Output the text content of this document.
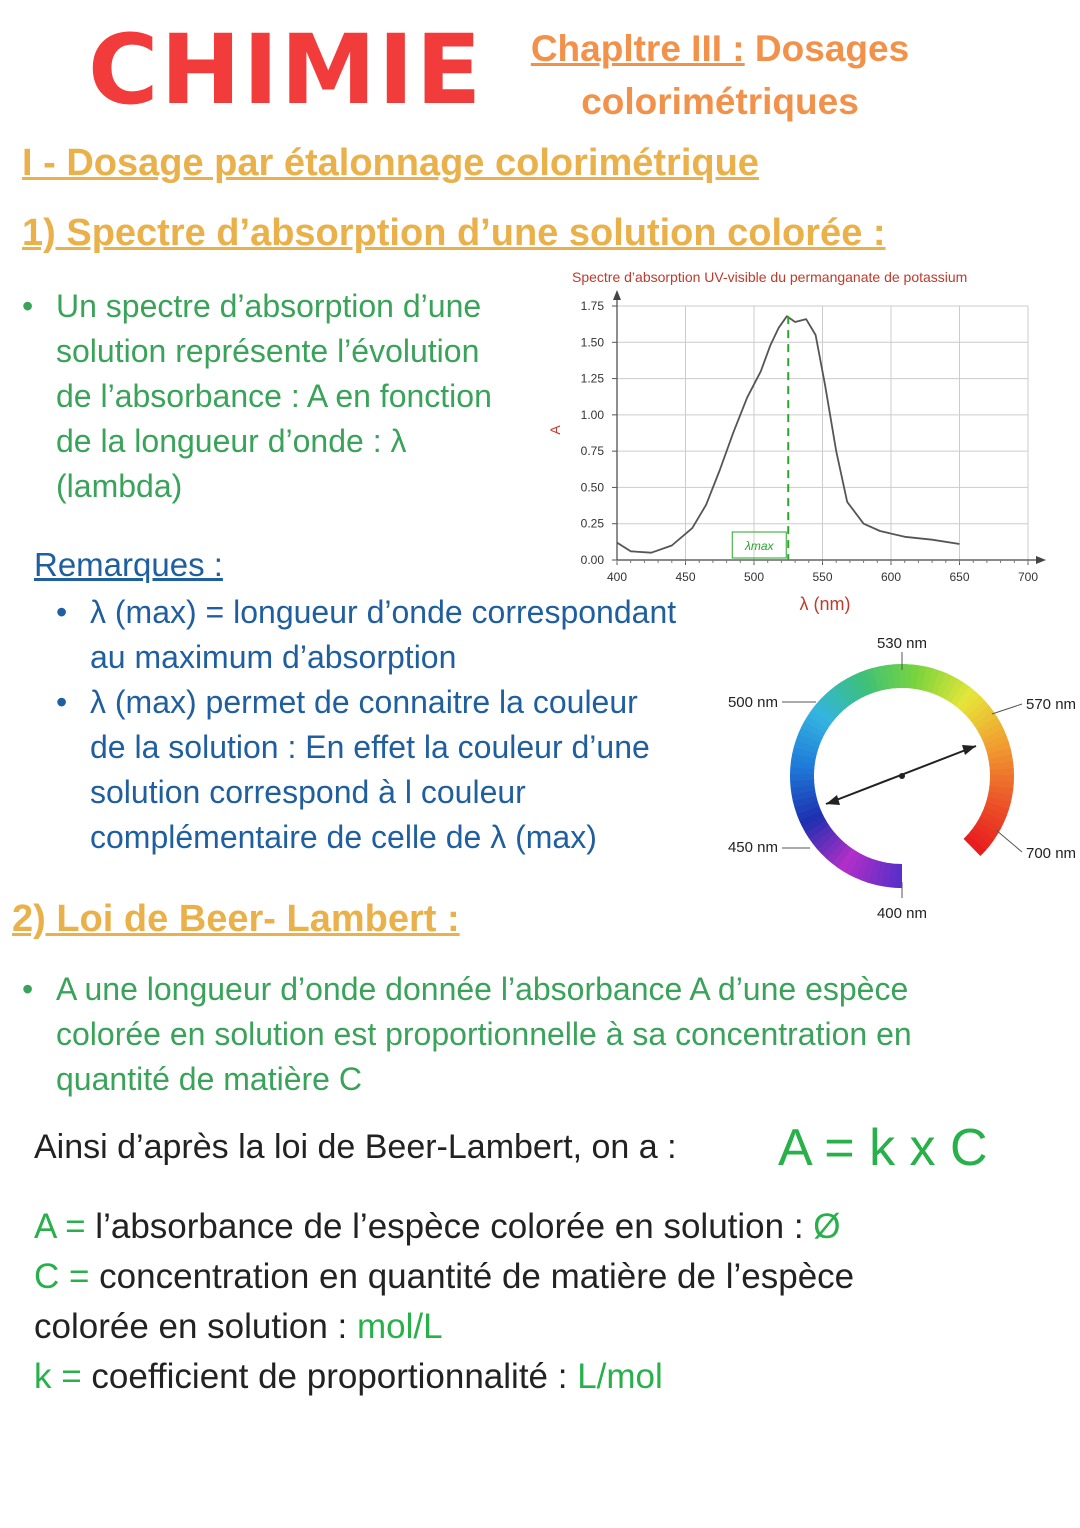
CHIMIE	Chapltre III : Dosages
colorimétriques
I - Dosage par étalonnage colorimétrique
1) Spectre d’absorption d’une solution colorée :
• Un spectre d’absorption d’une
solution représente l’évolution
de l’absorbance : A en fonction
de la longueur d’onde : λ
(lambda)
Spectre d’absorption UV-visible du permanganate de potassium
400	450	500	550	600	650	700
0.00
0.25
0.50
0.75
1.00
1.25
1.50
1.75
λmax
A
λ (nm)
Remarques :
• λ (max) = longueur d’onde correspondant
au maximum d’absorption
• λ (max) permet de connaitre la couleur
de la solution : En effet la couleur d’une
solution correspond à l couleur
complémentaire de celle de λ (max)
530 nm
500 nm	570 nm
450 nm	700 nm
400 nm
2) Loi de Beer- Lambert :
• A une longueur d’onde donnée l’absorbance A d’une espèce
colorée en solution est proportionnelle à sa concentration en
quantité de matière C
Ainsi d’après la loi de Beer-Lambert, on a : A = k x C
A = l’absorbance de l’espèce colorée en solution : Ø
C = concentration en quantité de matière de l’espèce
colorée en solution : mol/L
k = coefficient de proportionnalité : L/mol
